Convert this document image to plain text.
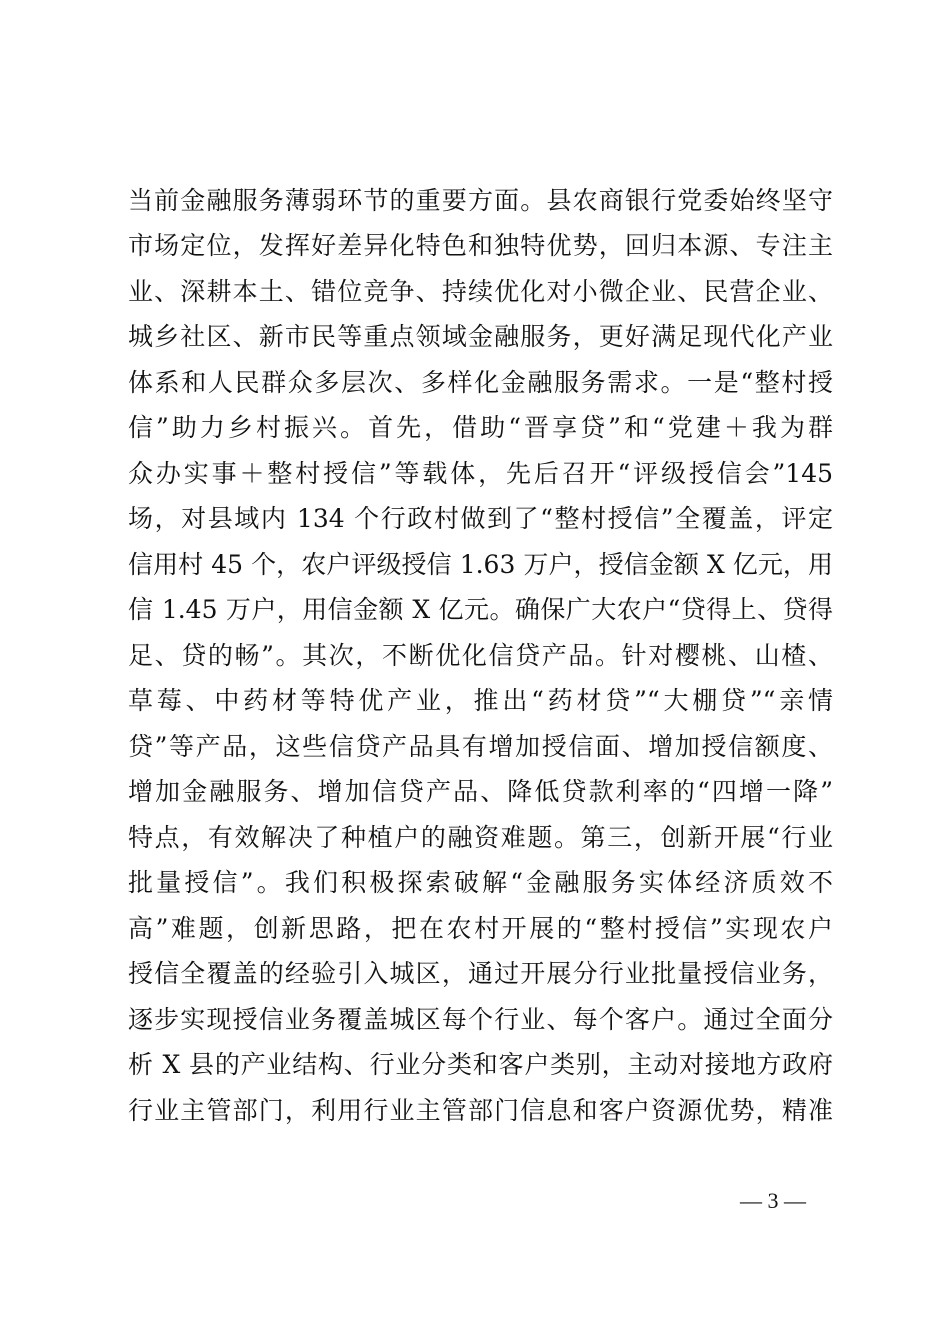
当前金融服务薄弱环节的重要方面。县农商银行党委始终坚守
市场定位，发挥好差异化特色和独特优势，回归本源、专注主
业、深耕本土、错位竞争、持续优化对小微企业、民营企业、
城乡社区、新市民等重点领域金融服务，更好满足现代化产业
体系和人民群众多层次、多样化金融服务需求。一是“整村授
信”助力乡村振兴。首先，借助“晋享贷”和“党建＋我为群
众办实事＋整村授信”等载体，先后召开“评级授信会”145
场，对县域内 134 个行政村做到了“整村授信”全覆盖，评定
信用村 45 个，农户评级授信 1.63 万户，授信金额 X 亿元，用
信 1.45 万户，用信金额 X 亿元。确保广大农户“贷得上、贷得
足、贷的畅”。其次，不断优化信贷产品。针对樱桃、山楂、
草莓、中药材等特优产业，推出“药材贷”“大棚贷”“亲情
贷”等产品，这些信贷产品具有增加授信面、增加授信额度、
增加金融服务、增加信贷产品、降低贷款利率的“四增一降”
特点，有效解决了种植户的融资难题。第三，创新开展“行业
批量授信”。我们积极探索破解“金融服务实体经济质效不
高”难题，创新思路，把在农村开展的“整村授信”实现农户
授信全覆盖的经验引入城区，通过开展分行业批量授信业务，
逐步实现授信业务覆盖城区每个行业、每个客户。通过全面分
析 X 县的产业结构、行业分类和客户类别，主动对接地方政府
行业主管部门，利用行业主管部门信息和客户资源优势，精准
— 3 —
